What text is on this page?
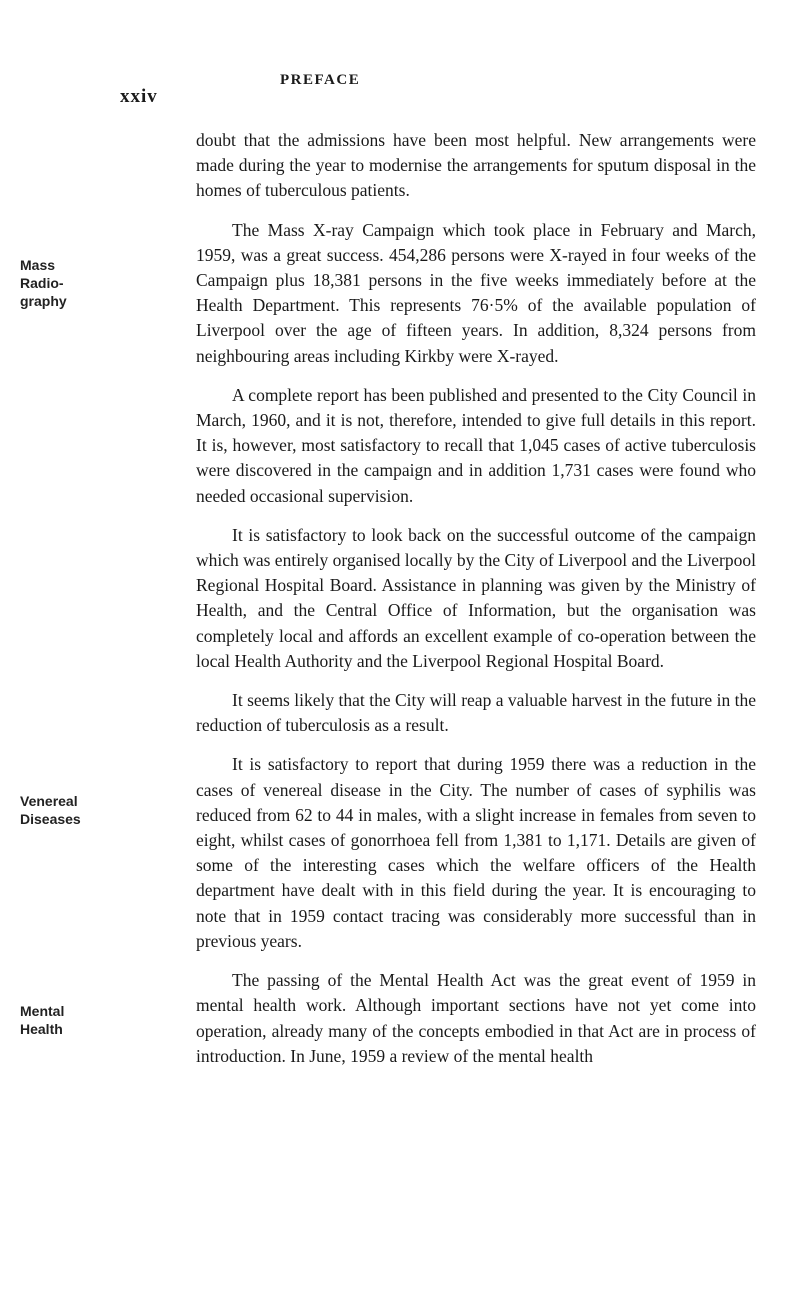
xxiv
PREFACE
Mass
Radio-
graphy
Venereal
Diseases
Mental
Health

doubt that the admissions have been most helpful. New arrangements were made during the year to modernise the arrangements for sputum disposal in the homes of tuberculous patients.

The Mass X-ray Campaign which took place in February and March, 1959, was a great success. 454,286 persons were X-rayed in four weeks of the Campaign plus 18,381 persons in the five weeks immediately before at the Health Department. This represents 76·5% of the available population of Liverpool over the age of fifteen years. In addition, 8,324 persons from neighbouring areas including Kirkby were X-rayed.

A complete report has been published and presented to the City Council in March, 1960, and it is not, therefore, intended to give full details in this report. It is, however, most satisfactory to recall that 1,045 cases of active tuberculosis were discovered in the campaign and in addition 1,731 cases were found who needed occasional supervision.

It is satisfactory to look back on the successful outcome of the campaign which was entirely organised locally by the City of Liverpool and the Liverpool Regional Hospital Board. Assistance in planning was given by the Ministry of Health, and the Central Office of Information, but the organisation was completely local and affords an excellent example of co-operation between the local Health Authority and the Liverpool Regional Hospital Board.

It seems likely that the City will reap a valuable harvest in the future in the reduction of tuberculosis as a result.

It is satisfactory to report that during 1959 there was a reduction in the cases of venereal disease in the City. The number of cases of syphilis was reduced from 62 to 44 in males, with a slight increase in females from seven to eight, whilst cases of gonorrhoea fell from 1,381 to 1,171. Details are given of some of the interesting cases which the welfare officers of the Health department have dealt with in this field during the year. It is encouraging to note that in 1959 contact tracing was considerably more successful than in previous years.

The passing of the Mental Health Act was the great event of 1959 in mental health work. Although important sections have not yet come into operation, already many of the concepts embodied in that Act are in process of introduction. In June, 1959 a review of the mental health
